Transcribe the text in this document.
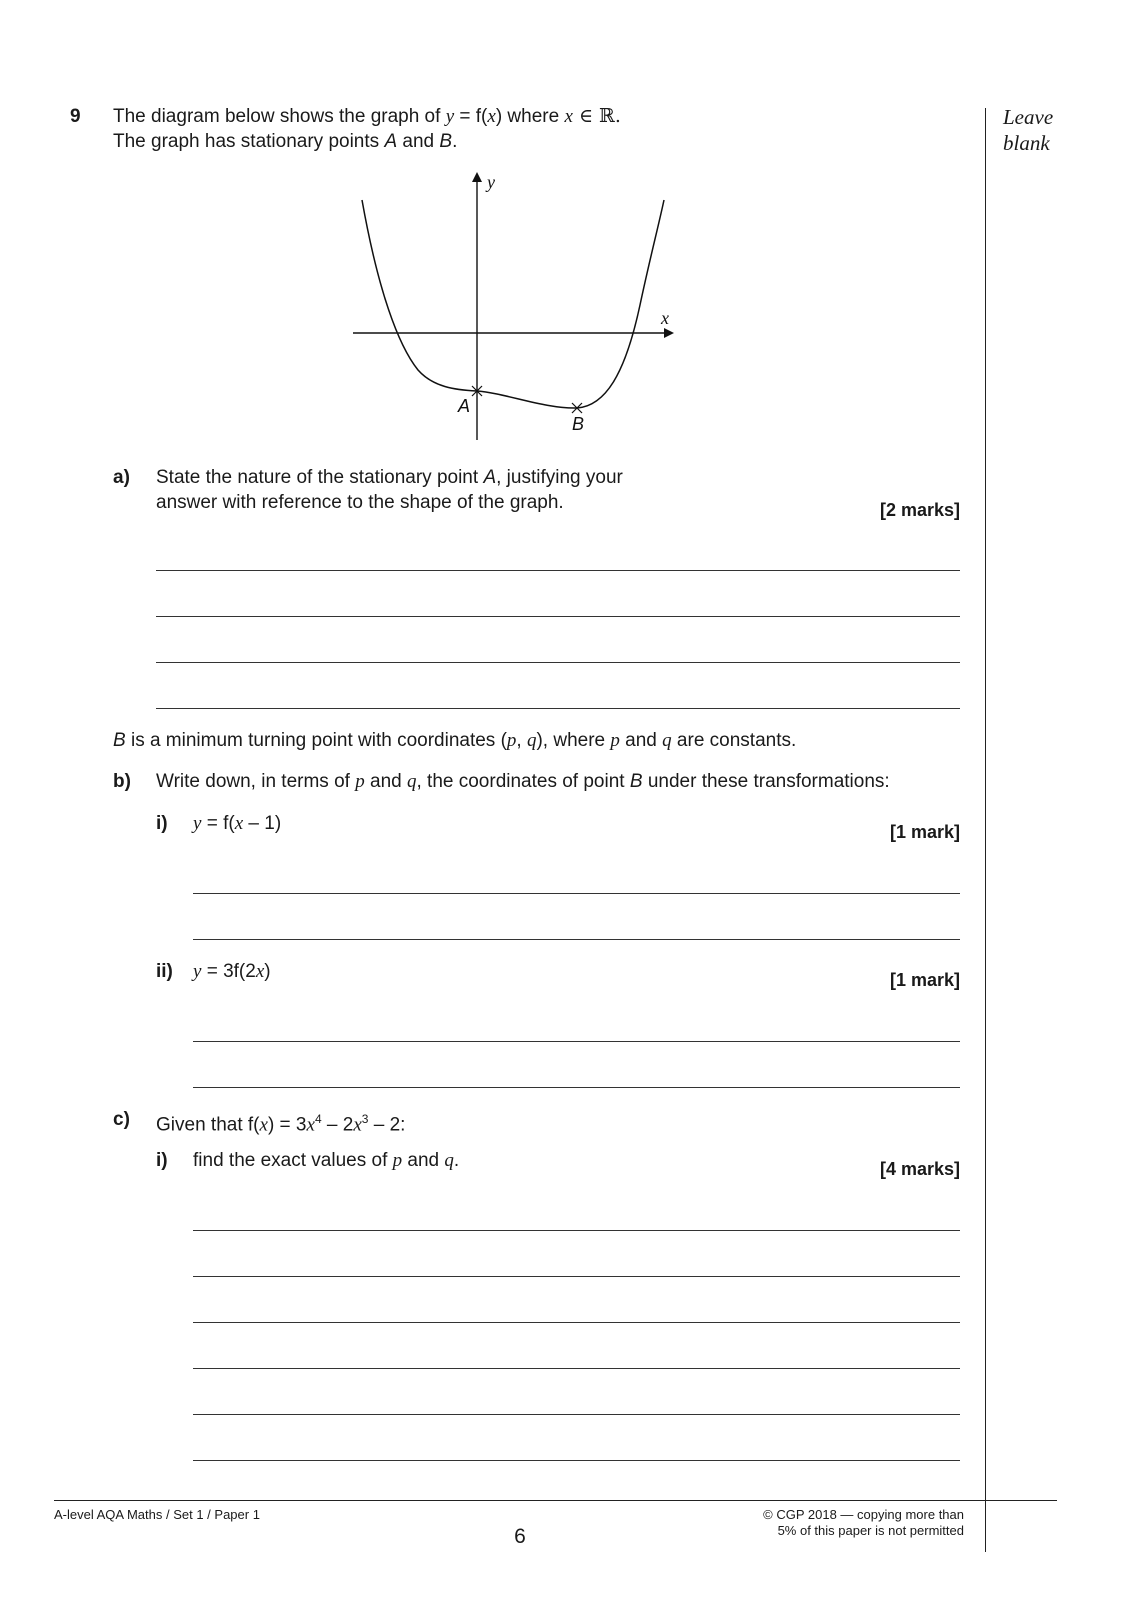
Leave
blank
9 The diagram below shows the graph of y = f(x) where x ∈ ℝ.
The graph has stationary points A and B.
y
x
A
B
a) State the nature of the stationary point A, justifying your
answer with reference to the shape of the graph.	[2 marks]
B is a minimum turning point with coordinates (p, q), where p and q are constants.
b) Write down, in terms of p and q, the coordinates of point B under these transformations:
i) y = f(x – 1)	[1 mark]
ii) y = 3f(2x)	[1 mark]
c) Given that $f(x) = 3x^4 - 2x^3 - 2$:
i) find the exact values of p and q.	[4 marks]
A-level AQA Maths / Set 1 / Paper 1
6
© CGP 2018 — copying more than
5% of this paper is not permitted
